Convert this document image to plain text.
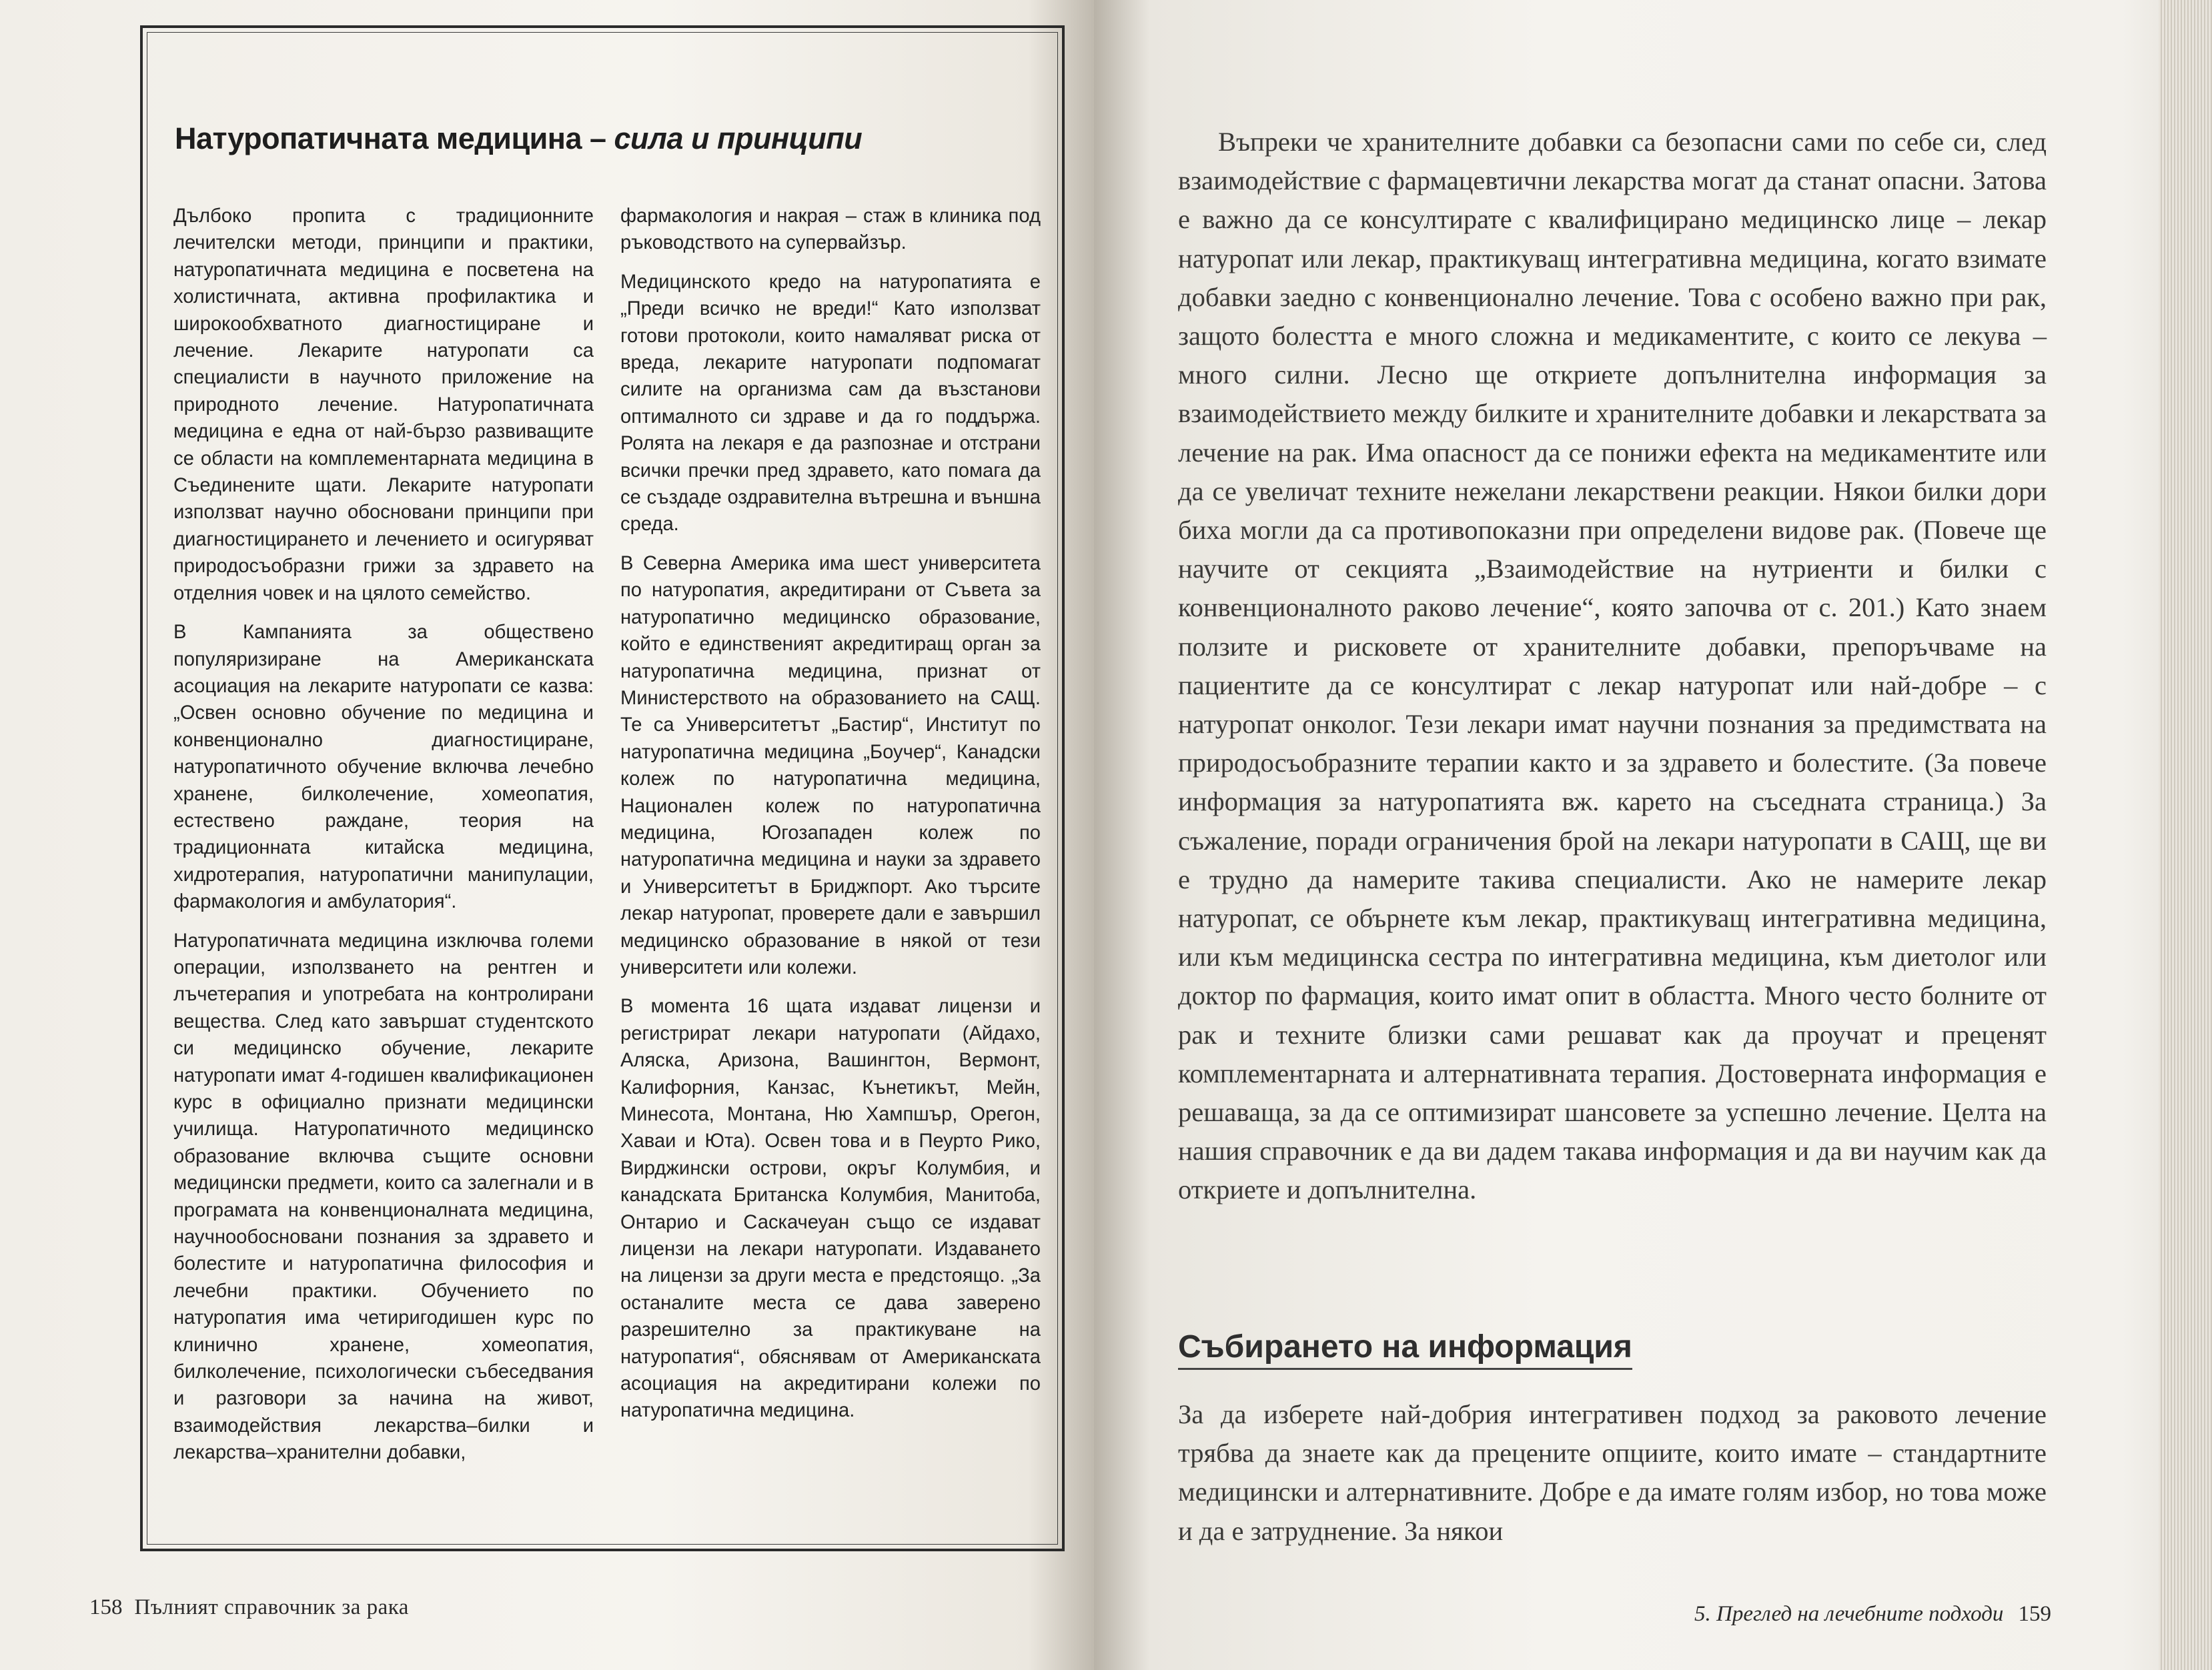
Натуропатичната медицина – сила и принципи

Дълбоко пропита с традиционните лечителски методи, принципи и практики, натуропатичната медицина е посветена на холистичната, активна профилактика и широкообхватното диагностициране и лечение. Лекарите натуропати са специалисти в научното приложение на природното лечение. Натуропатичната медицина е една от най-бързо развиващите се области на комплементарната медицина в Съединените щати. Лекарите натуропати използват научно обосновани принципи при диагностицирането и лечението и осигуряват природосъобразни грижи за здравето на отделния човек и на цялото семейство.

В Кампанията за обществено популяризиране на Американската асоциация на лекарите натуропати се казва: „Освен основно обучение по медицина и конвенционално диагностициране, натуропатичното обучение включва лечебно хранене, билколечение, хомеопатия, естествено раждане, теория на традиционната китайска медицина, хидротерапия, натуропатични манипулации, фармакология и амбулатория“.

Натуропатичната медицина изключва големи операции, използването на рентген и лъчетерапия и употребата на контролирани вещества. След като завършат студентското си медицинско обучение, лекарите натуропати имат 4-годишен квалификационен курс в официално признати медицински училища. Натуропатичното медицинско образование включва същите основни медицински предмети, които са залегнали и в програмата на конвенционалната медицина, научнообосновани познания за здравето и болестите и натуропатична философия и лечебни практики. Обучението по натуропатия има четиригодишен курс по клинично хранене, хомеопатия, билколечение, психологически събеседвания и разговори за начина на живот, взаимодействия лекарства–билки и лекарства–хранителни добавки,

фармакология и накрая – стаж в клиника под ръководството на супервайзър.

Медицинското кредо на натуропатията е „Преди всичко не вреди!“ Като използват готови протоколи, които намаляват риска от вреда, лекарите натуропати подпомагат силите на организма сам да възстанови оптималното си здраве и да го поддържа. Ролята на лекаря е да разпознае и отстрани всички пречки пред здравето, като помага да се създаде оздравителна вътрешна и външна среда.

В Северна Америка има шест университета по натуропатия, акредитирани от Съвета за натуропатично медицинско образование, който е единственият акредитиращ орган за натуропатична медицина, признат от Министерството на образованието на САЩ. Те са Университетът „Бастир“, Институт по натуропатична медицина „Боучер“, Канадски колеж по натуропатична медицина, Национален колеж по натуропатична медицина, Югозападен колеж по натуропатична медицина и науки за здравето и Университетът в Бриджпорт. Ако търсите лекар натуропат, проверете дали е завършил медицинско образование в някой от тези университети или колежи.

В момента 16 щата издават лицензи и регистрират лекари натуропати (Айдахо, Аляска, Аризона, Вашингтон, Вермонт, Калифорния, Канзас, Кънетикът, Мейн, Минесота, Монтана, Ню Хампшър, Орегон, Хаваи и Юта). Освен това и в Пеурто Рико, Вирджински острови, окръг Колумбия, и канадската Британска Колумбия, Манитоба, Онтарио и Саскачеуан също се издават лицензи на лекари натуропати. Издаването на лицензи за други места е предстоящо. „За останалите места се дава заверено разрешително за практикуване на натуропатия“, обяснявам от Американската асоциация на акредитирани колежи по натуропатична медицина.

158 Пълният справочник за рака

Въпреки че хранителните добавки са безопасни сами по себе си, след взаимодействие с фармацевтични лекарства могат да станат опасни. Затова е важно да се консултирате с квалифицирано медицинско лице – лекар натуропат или лекар, практикуващ интегративна медицина, когато взимате добавки заедно с конвенционално лечение. Това с особено важно при рак, защото болестта е много сложна и медикаментите, с които се лекува – много силни. Лесно ще откриете допълнителна информация за взаимодействието между билките и хранителните добавки и лекарствата за лечение на рак. Има опасност да се понижи ефекта на медикаментите или да се увеличат техните нежелани лекарствени реакции. Някои билки дори биха могли да са противопоказни при определени видове рак. (Повече ще научите от секцията „Взаимодействие на нутриенти и билки с конвенционалното раково лечение“, която започва от с. 201.) Като знаем ползите и рисковете от хранителните добавки, препоръчваме на пациентите да се консултират с лекар натуропат или най-добре – с натуропат онколог. Тези лекари имат научни познания за предимствата на природосъобразните терапии както и за здравето и болестите. (За повече информация за натуропатията вж. карето на съседната страница.) За съжаление, поради ограничения брой на лекари натуропати в САЩ, ще ви е трудно да намерите такива специалисти. Ако не намерите лекар натуропат, се обърнете към лекар, практикуващ интегративна медицина, или към медицинска сестра по интегративна медицина, към диетолог или доктор по фармация, които имат опит в областта. Много често болните от рак и техните близки сами решават как да проучат и преценят комплементарната и алтернативната терапия. Достоверната информация е решаваща, за да се оптимизират шансовете за успешно лечение. Целта на нашия справочник е да ви дадем такава информация и да ви научим как да откриете и допълнителна.

Събирането на информация

За да изберете най-добрия интегративен подход за раковото лечение трябва да знаете как да прецените опциите, които имате – стандартните медицински и алтернативните. Добре е да имате голям избор, но това може и да е затруднение. За някои

5. Преглед на лечебните подходи 159
